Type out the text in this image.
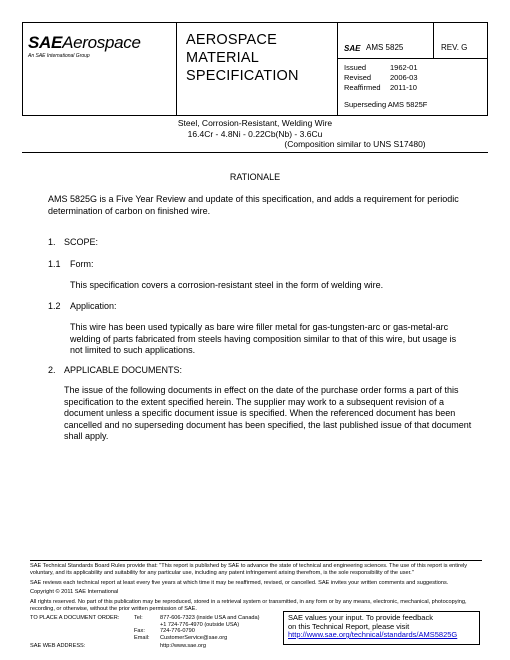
SAEAerospace
An SAE International Group
AEROSPACE
MATERIAL
SPECIFICATION
SAE AMS 5825	REV. G
Issued	1962-01
Revised	2006-03
Reaffirmed	2011-10
Superseding AMS 5825F
Steel, Corrosion-Resistant, Welding Wire
16.4Cr - 4.8Ni - 0.22Cb(Nb) - 3.6Cu
(Composition similar to UNS S17480)
RATIONALE
AMS 5825G is a Five Year Review and update of this specification, and adds a requirement for periodic determination of carbon on finished wire.
1. SCOPE:
1.1 Form:
This specification covers a corrosion-resistant steel in the form of welding wire.
1.2 Application:
This wire has been used typically as bare wire filler metal for gas-tungsten-arc or gas-metal-arc welding of parts fabricated from steels having composition similar to that of this wire, but usage is not limited to such applications.
2. APPLICABLE DOCUMENTS:
The issue of the following documents in effect on the date of the purchase order forms a part of this specification to the extent specified herein. The supplier may work to a subsequent revision of a document unless a specific document issue is specified. When the referenced document has been cancelled and no superseding document has been specified, the last published issue of that document shall apply.
SAE Technical Standards Board Rules provide that: "This report is published by SAE to advance the state of technical and engineering sciences. The use of this report is entirely voluntary, and its applicability and suitability for any particular use, including any patent infringement arising therefrom, is the sole responsibility of the user."
SAE reviews each technical report at least every five years at which time it may be reaffirmed, revised, or cancelled. SAE invites your written comments and suggestions.
Copyright © 2011 SAE International
All rights reserved. No part of this publication may be reproduced, stored in a retrieval system or transmitted, in any form or by any means, electronic, mechanical, photocopying, recording, or otherwise, without the prior written permission of SAE.
TO PLACE A DOCUMENT ORDER:	Tel:	877-606-7323 (inside USA and Canada)
+1 724-776-4970 (outside USA)
Fax:	724-776-0790
Email: CustomerService@sae.org
SAE WEB ADDRESS:	http://www.sae.org
SAE values your input. To provide feedback
on this Technical Report, please visit
http://www.sae.org/technical/standards/AMS5825G
